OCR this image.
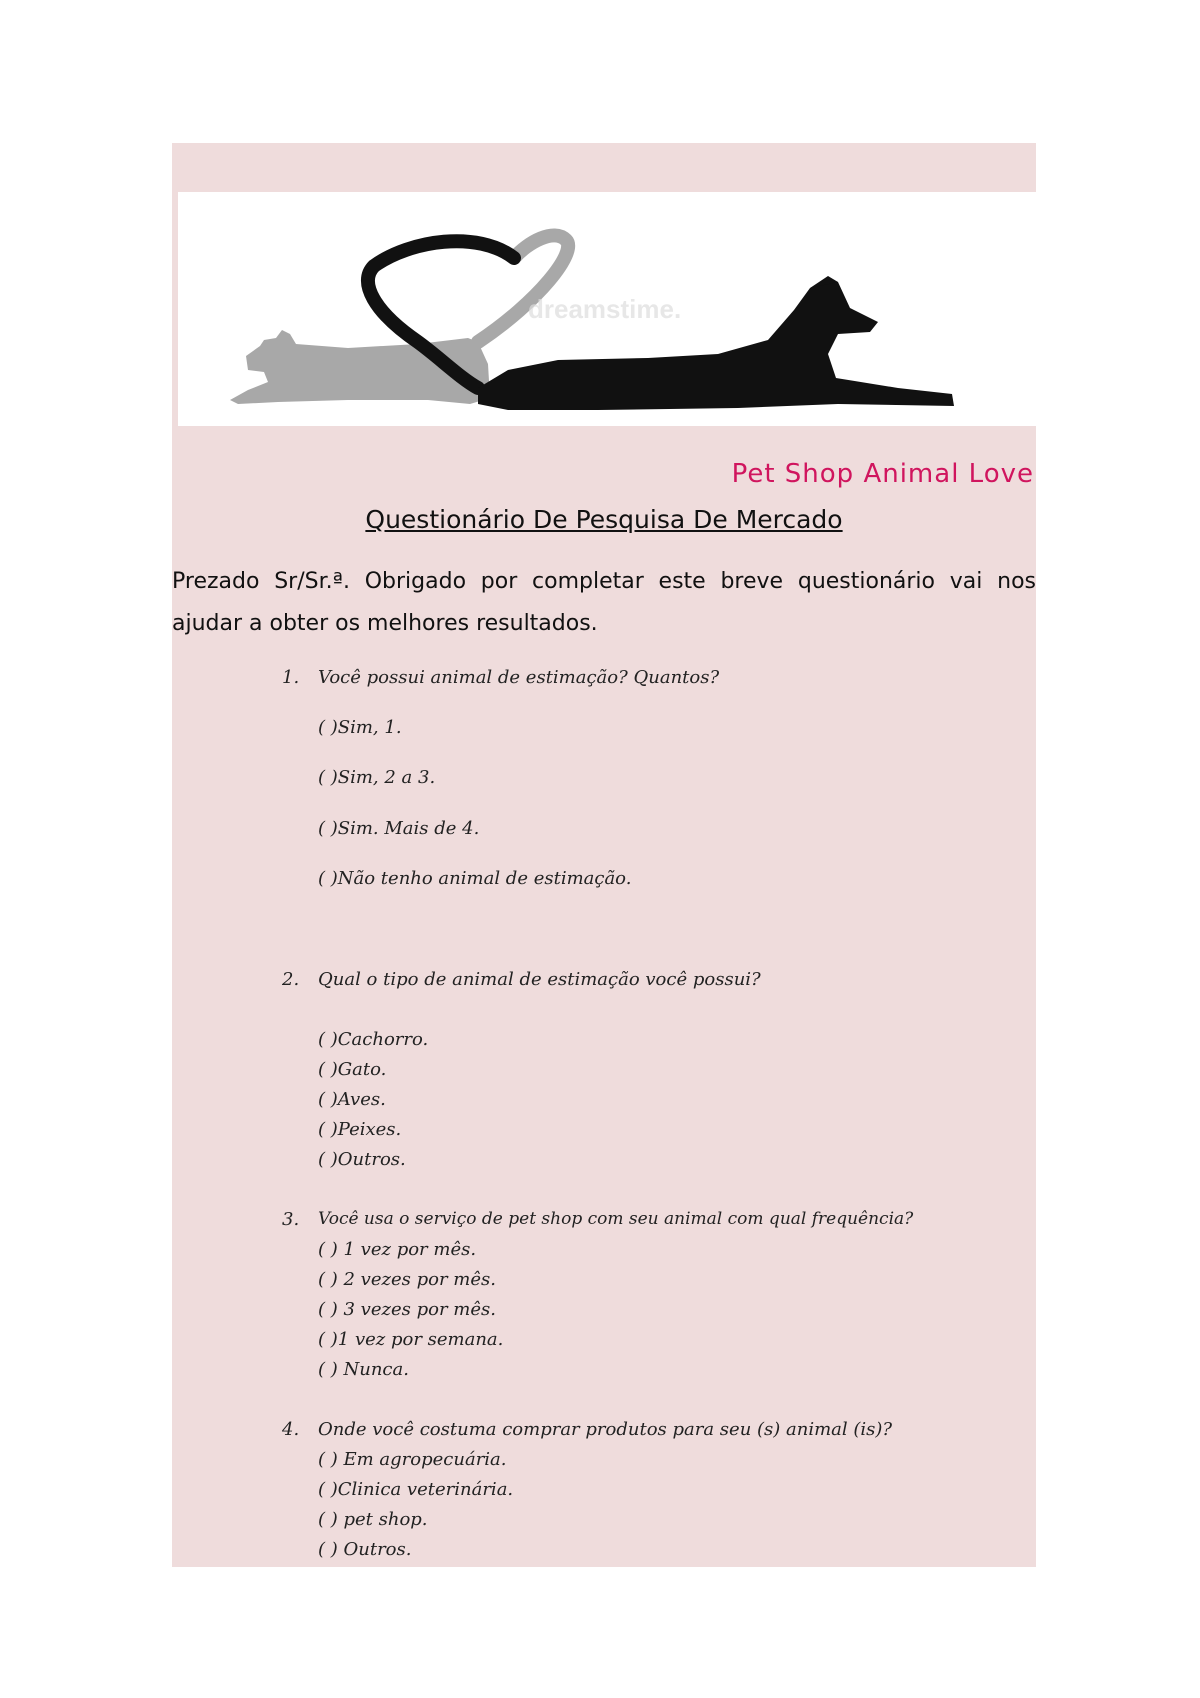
dreamstime.
Pet Shop Animal Love
Questionário De Pesquisa De Mercado
Prezado Sr/Sr.ª. Obrigado por completar este breve questionário vai nos ajudar a obter os melhores resultados.
1. Você possui animal de estimação? Quantos?
( )Sim, 1.
( )Sim, 2 a 3.
( )Sim. Mais de 4.
( )Não tenho animal de estimação.
2. Qual o tipo de animal de estimação você possui?
( )Cachorro.
( )Gato.
( )Aves.
( )Peixes.
( )Outros.
3. Você usa o serviço de pet shop com seu animal com qual frequência?
( ) 1 vez por mês.
( ) 2 vezes por mês.
( ) 3 vezes por mês.
( )1 vez por semana.
( ) Nunca.
4. Onde você costuma comprar produtos para seu (s) animal (is)?
( ) Em agropecuária.
( )Clinica veterinária.
( ) pet shop.
( ) Outros.
